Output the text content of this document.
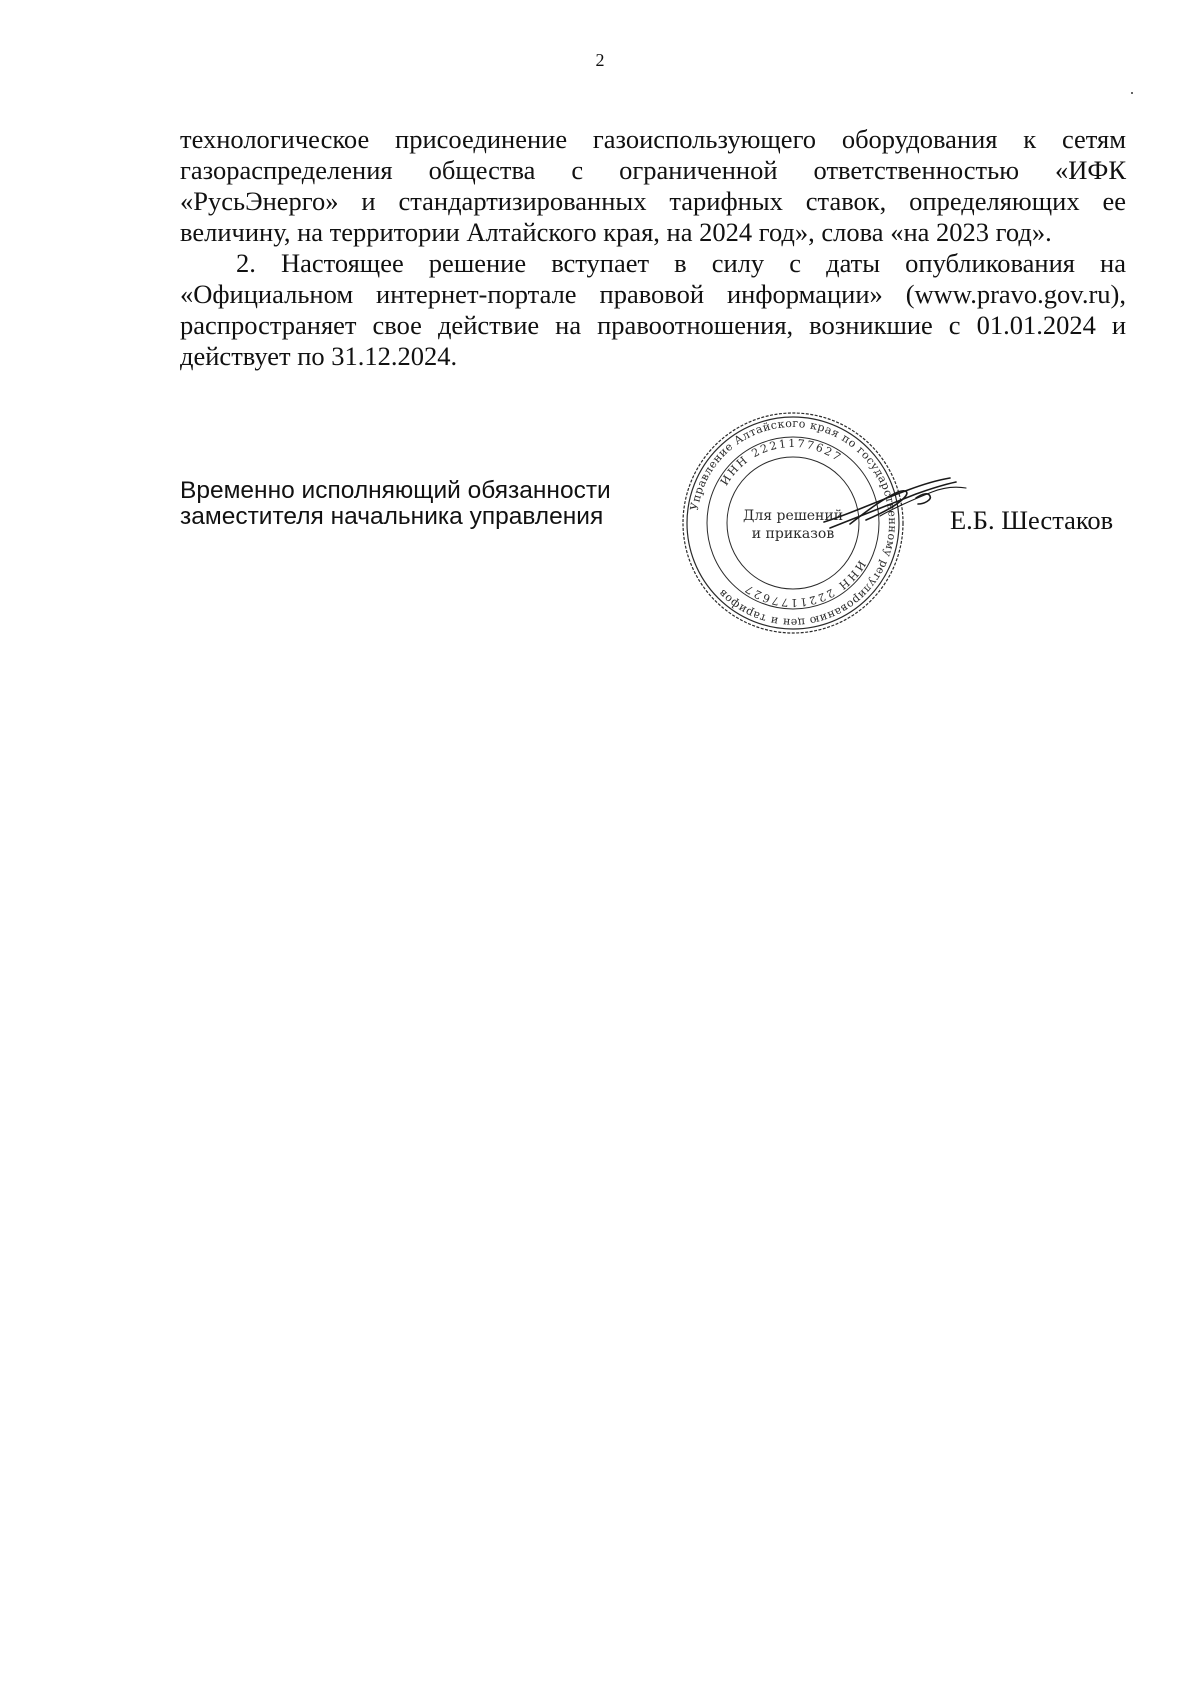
2

технологическое присоединение газоиспользующего оборудования к сетям газораспределения общества с ограниченной ответственностью «ИФК «РусьЭнерго» и стандартизированных тарифных ставок, определяющих ее величину, на территории Алтайского края, на 2024 год», слова «на 2023 год».

2. Настоящее решение вступает в силу с даты опубликования на «Официальном интернет-портале правовой информации» (www.pravo.gov.ru), распространяет свое действие на правоотношения, возникшие с 01.01.2024 и действует по 31.12.2024.

Временно исполняющий обязанности
заместителя начальника управления	Управление Алтайского края по государственному регулированию цен и тарифов
ИНН 2221177627
ИНН 2221177627
Для решений
и приказов	Е.Б. Шестаков
